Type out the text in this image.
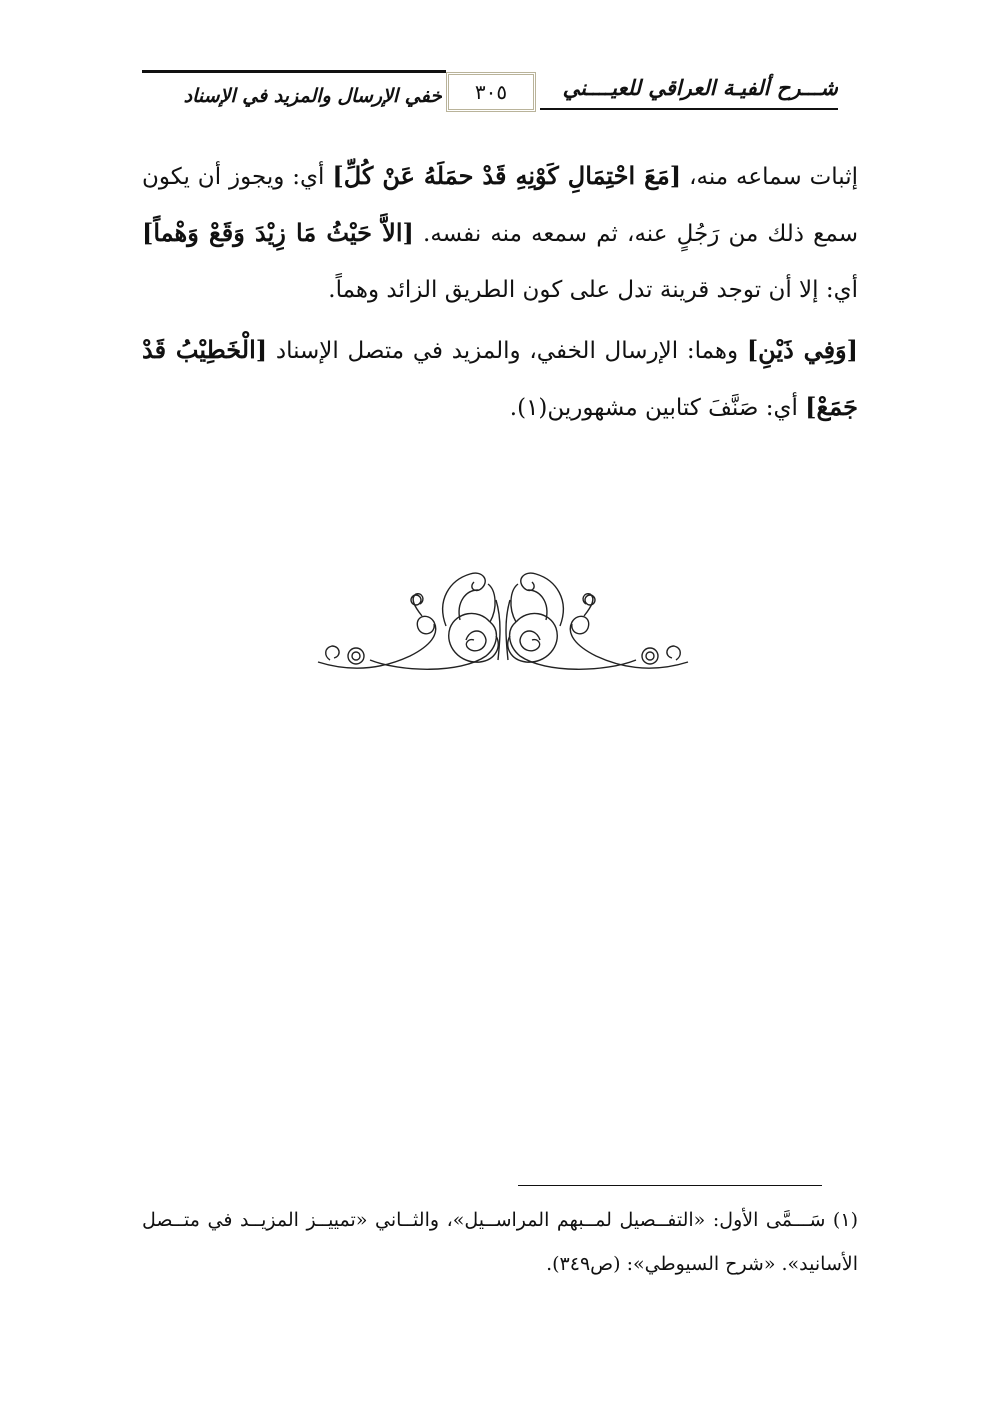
شـــرح ألفيـة العراقي للعيــــني
٣٠٥
خفي الإرسال والمزيد في الإسناد
إثبات سماعه منه، [مَعَ احْتِمَالِ كَوْنِهِ قَدْ حمَلَهُ عَنْ كُلِّ] أي: ويجوز أن يكون سمع ذلك من رَجُلٍ عنه، ثم سمعه منه نفسه. [الاَّ حَيْثُ مَا زِيْدَ وَقَعْ وَهْماً] أي: إلا أن توجد قرينة تدل على كون الطريق الزائد وهماً.
[وَفِي ذَيْنِ] وهما: الإرسال الخفي، والمزيد في متصل الإسناد [الْخَطِيْبُ قَدْ جَمَعْ] أي: صَنَّفَ كتابين مشهورين(١).
(١) سَـــمَّى الأول: «التفــصيل لمــبهم المراســيل»، والثــاني «تمييــز المزيــد في متــصل الأسانيد». «شرح السيوطي»: (ص٣٤٩).
